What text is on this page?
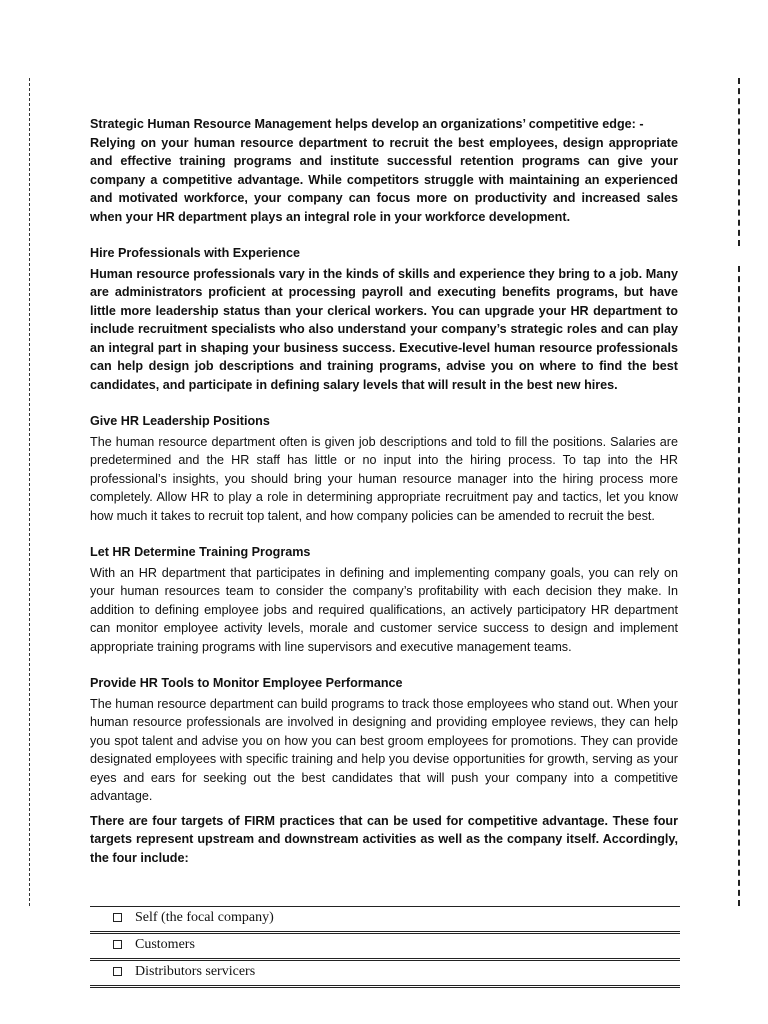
Strategic Human Resource Management helps develop an organizations’ competitive edge: -

Relying on your human resource department to recruit the best employees, design appropriate and effective training programs and institute successful retention programs can give your company a competitive advantage. While competitors struggle with maintaining an experienced and motivated workforce, your company can focus more on productivity and increased sales when your HR department plays an integral role in your workforce development.

Hire Professionals with Experience

Human resource professionals vary in the kinds of skills and experience they bring to a job. Many are administrators proficient at processing payroll and executing benefits programs, but have little more leadership status than your clerical workers. You can upgrade your HR department to include recruitment specialists who also understand your company’s strategic roles and can play an integral part in shaping your business success. Executive-level human resource professionals can help design job descriptions and training programs, advise you on where to find the best candidates, and participate in defining salary levels that will result in the best new hires.

Give HR Leadership Positions

The human resource department often is given job descriptions and told to fill the positions. Salaries are predetermined and the HR staff has little or no input into the hiring process. To tap into the HR professional’s insights, you should bring your human resource manager into the hiring process more completely. Allow HR to play a role in determining appropriate recruitment pay and tactics, let you know how much it takes to recruit top talent, and how company policies can be amended to recruit the best.

Let HR Determine Training Programs

With an HR department that participates in defining and implementing company goals, you can rely on your human resources team to consider the company’s profitability with each decision they make. In addition to defining employee jobs and required qualifications, an actively participatory HR department can monitor employee activity levels, morale and customer service success to design and implement appropriate training programs with line supervisors and executive management teams.

Provide HR Tools to Monitor Employee Performance

The human resource department can build programs to track those employees who stand out. When your human resource professionals are involved in designing and providing employee reviews, they can help you spot talent and advise you on how you can best groom employees for promotions. They can provide designated employees with specific training and help you devise opportunities for growth, serving as your eyes and ears for seeking out the best candidates that will push your company into a competitive advantage.

There are four targets of FIRM practices that can be used for competitive advantage. These four targets represent upstream and downstream activities as well as the company itself. Accordingly, the four include:

Self (the focal company)
Customers
Distributors servicers
